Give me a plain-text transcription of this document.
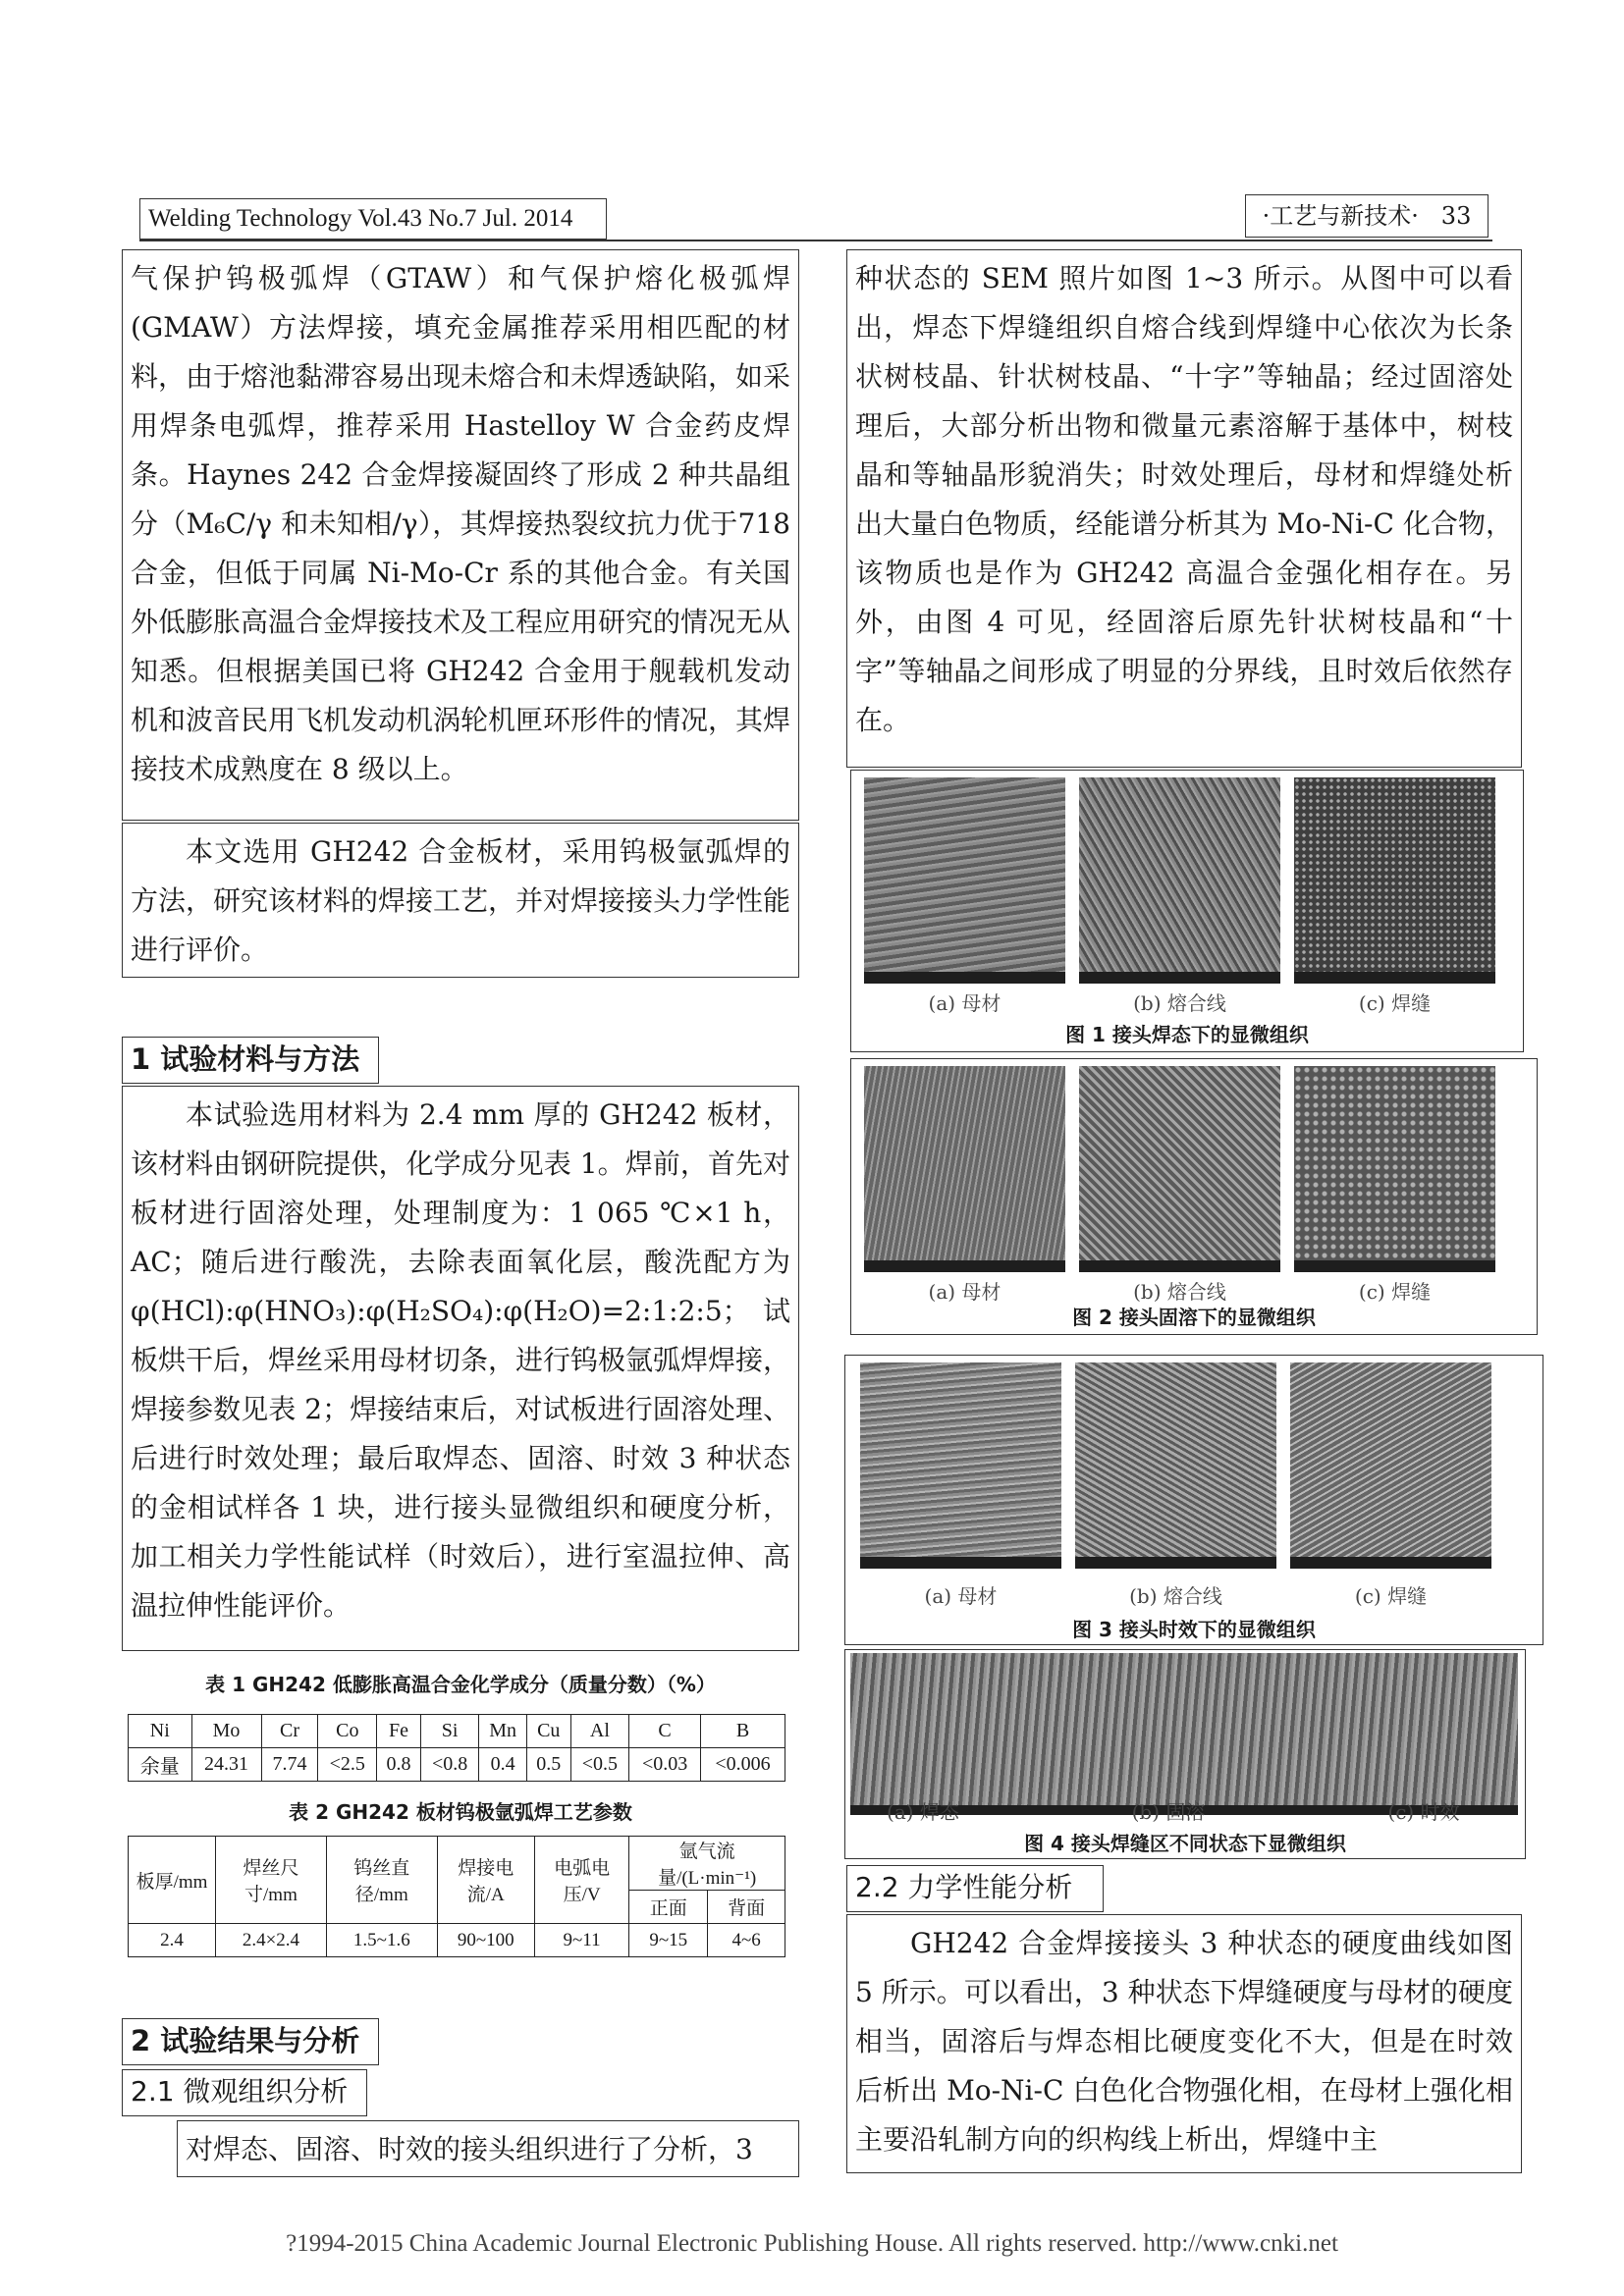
Welding Technology Vol.43 No.7 Jul. 2014	·工艺与新技术· 33
气保护钨极弧焊（GTAW）和气保护熔化极弧焊(GMAW）方法焊接，填充金属推荐采用相匹配的材料，由于熔池黏滞容易出现未熔合和未焊透缺陷，如采用焊条电弧焊，推荐采用 Hastelloy W 合金药皮焊条。Haynes 242 合金焊接凝固终了形成 2 种共晶组分（M₆C/γ 和未知相/γ），其焊接热裂纹抗力优于718 合金，但低于同属 Ni-Mo-Cr 系的其他合金。有关国外低膨胀高温合金焊接技术及工程应用研究的情况无从知悉。但根据美国已将 GH242 合金用于舰载机发动机和波音民用飞机发动机涡轮机匣环形件的情况，其焊接技术成熟度在 8 级以上。
本文选用 GH242 合金板材，采用钨极氩弧焊的方法，研究该材料的焊接工艺，并对焊接接头力学性能进行评价。
1 试验材料与方法
本试验选用材料为 2.4 mm 厚的 GH242 板材，该材料由钢研院提供，化学成分见表 1。焊前，首先对板材进行固溶处理，处理制度为：1 065 ℃×1 h，AC；随后进行酸洗，去除表面氧化层，酸洗配方为φ(HCl):φ(HNO₃):φ(H₂SO₄):φ(H₂O)=2:1:2:5；试板烘干后，焊丝采用母材切条，进行钨极氩弧焊焊接，焊接参数见表 2；焊接结束后，对试板进行固溶处理、后进行时效处理；最后取焊态、固溶、时效 3 种状态的金相试样各 1 块，进行接头显微组织和硬度分析，加工相关力学性能试样（时效后），进行室温拉伸、高温拉伸性能评价。
表 1 GH242 低膨胀高温合金化学成分（质量分数）（%）
Ni	Mo	Cr	Co	Fe	Si	Mn	Cu	Al	C	B
余量	24.31	7.74	<2.5	0.8	<0.8	0.4	0.5	<0.5	<0.03	<0.006
表 2 GH242 板材钨极氩弧焊工艺参数
板厚/mm	焊丝尺寸/mm	钨丝直径/mm	焊接电流/A	电弧电压/V	氩气流量/(L·min⁻¹)	
					正面	背面
2.4	2.4×2.4	1.5~1.6	90~100	9~11	9~15	4~6
2 试验结果与分析
2.1 微观组织分析
对焊态、固溶、时效的接头组织进行了分析，3
种状态的 SEM 照片如图 1~3 所示。从图中可以看出，焊态下焊缝组织自熔合线到焊缝中心依次为长条状树枝晶、针状树枝晶、“十字”等轴晶；经过固溶处理后，大部分析出物和微量元素溶解于基体中，树枝晶和等轴晶形貌消失；时效处理后，母材和焊缝处析出大量白色物质，经能谱分析其为 Mo-Ni-C 化合物，该物质也是作为 GH242 高温合金强化相存在。另外，由图 4 可见，经固溶后原先针状树枝晶和“十字”等轴晶之间形成了明显的分界线，且时效后依然存在。
(a) 母材	(b) 熔合线	(c) 焊缝
图 1 接头焊态下的显微组织
(a) 母材	(b) 熔合线	(c) 焊缝
图 2 接头固溶下的显微组织
(a) 母材	(b) 熔合线	(c) 焊缝
图 3 接头时效下的显微组织
(a) 焊态	(b) 固溶	(c) 时效
图 4 接头焊缝区不同状态下显微组织
2.2 力学性能分析
GH242 合金焊接接头 3 种状态的硬度曲线如图 5 所示。可以看出，3 种状态下焊缝硬度与母材的硬度相当，固溶后与焊态相比硬度变化不大，但是在时效后析出 Mo-Ni-C 白色化合物强化相，在母材上强化相主要沿轧制方向的织构线上析出，焊缝中主
?1994-2015 China Academic Journal Electronic Publishing House. All rights reserved. http://www.cnki.net
